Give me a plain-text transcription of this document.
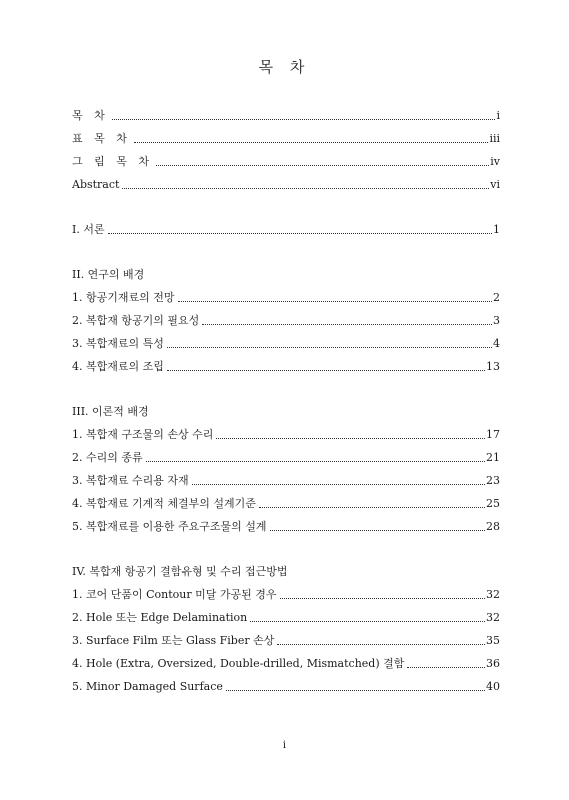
목 차
목 차	i
표 목 차	iii
그 림 목 차	iv
Abstract	vi
I. 서론	1
II. 연구의 배경
1. 항공기재료의 전망	2
2. 복합재 항공기의 필요성	3
3. 복합재료의 특성	4
4. 복합재료의 조립	13
III. 이론적 배경
1. 복합재 구조물의 손상 수리	17
2. 수리의 종류	21
3. 복합재료 수리용 자재	23
4. 복합재료 기계적 체결부의 설계기준	25
5. 복합재료를 이용한 주요구조물의 설계	28
IV. 복합재 항공기 결함유형 및 수리 접근방법
1. 코어 단품이 Contour 미달 가공된 경우	32
2. Hole 또는 Edge Delamination	32
3. Surface Film 또는 Glass Fiber 손상	35
4. Hole (Extra, Oversized, Double-drilled, Mismatched) 결함	36
5. Minor Damaged Surface	40
i
